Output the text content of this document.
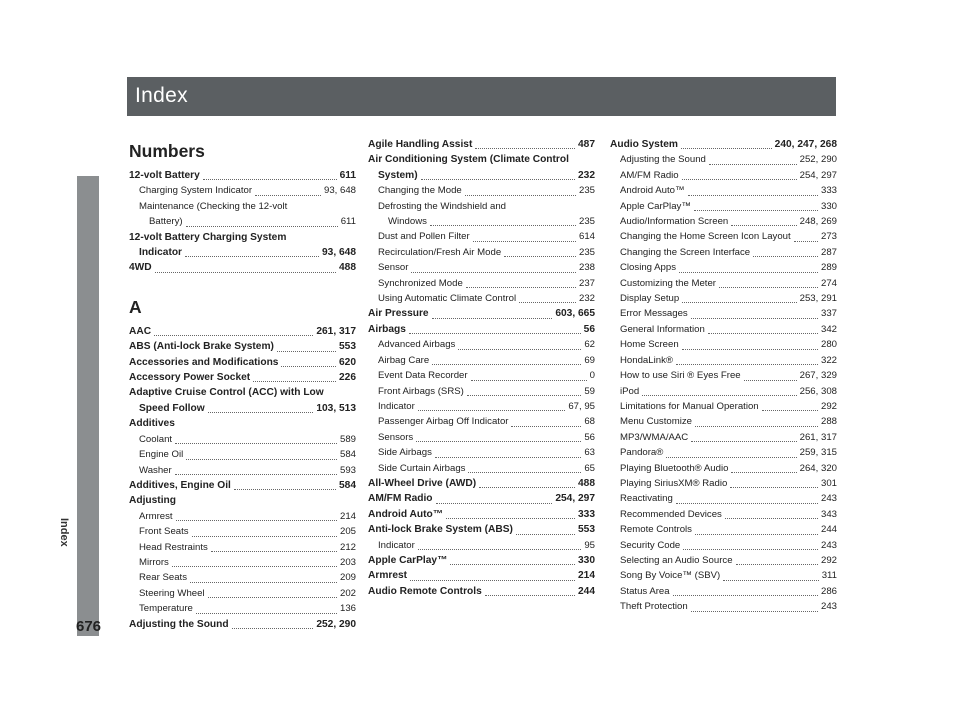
Index
Index
676
Numbers
12-volt Battery	611
Charging System Indicator	93, 648
Maintenance (Checking the 12-volt
Battery)	611
12-volt Battery Charging System
Indicator	93, 648
4WD	488
A
AAC	261, 317
ABS (Anti-lock Brake System)	553
Accessories and Modifications	620
Accessory Power Socket	226
Adaptive Cruise Control (ACC) with Low
Speed Follow	103, 513
Additives
Coolant	589
Engine Oil	584
Washer	593
Additives, Engine Oil	584
Adjusting
Armrest	214
Front Seats	205
Head Restraints	212
Mirrors	203
Rear Seats	209
Steering Wheel	202
Temperature	136
Adjusting the Sound	252, 290
Agile Handling Assist	487
Air Conditioning System (Climate Control
System)	232
Changing the Mode	235
Defrosting the Windshield and
Windows	235
Dust and Pollen Filter	614
Recirculation/Fresh Air Mode	235
Sensor	238
Synchronized Mode	237
Using Automatic Climate Control	232
Air Pressure	603, 665
Airbags	56
Advanced Airbags	62
Airbag Care	69
Event Data Recorder	0
Front Airbags (SRS)	59
Indicator	67, 95
Passenger Airbag Off Indicator	68
Sensors	56
Side Airbags	63
Side Curtain Airbags	65
All-Wheel Drive (AWD)	488
AM/FM Radio	254, 297
Android Auto™	333
Anti-lock Brake System (ABS)	553
Indicator	95
Apple CarPlay™	330
Armrest	214
Audio Remote Controls	244
Audio System	240, 247, 268
Adjusting the Sound	252, 290
AM/FM Radio	254, 297
Android Auto™	333
Apple CarPlay™	330
Audio/Information Screen	248, 269
Changing the Home Screen Icon Layout	273
Changing the Screen Interface	287
Closing Apps	289
Customizing the Meter	274
Display Setup	253, 291
Error Messages	337
General Information	342
Home Screen	280
HondaLink®	322
How to use Siri ® Eyes Free	267, 329
iPod	256, 308
Limitations for Manual Operation	292
Menu Customize	288
MP3/WMA/AAC	261, 317
Pandora®	259, 315
Playing Bluetooth® Audio	264, 320
Playing SiriusXM® Radio	301
Reactivating	243
Recommended Devices	343
Remote Controls	244
Security Code	243
Selecting an Audio Source	292
Song By Voice™ (SBV)	311
Status Area	286
Theft Protection	243
